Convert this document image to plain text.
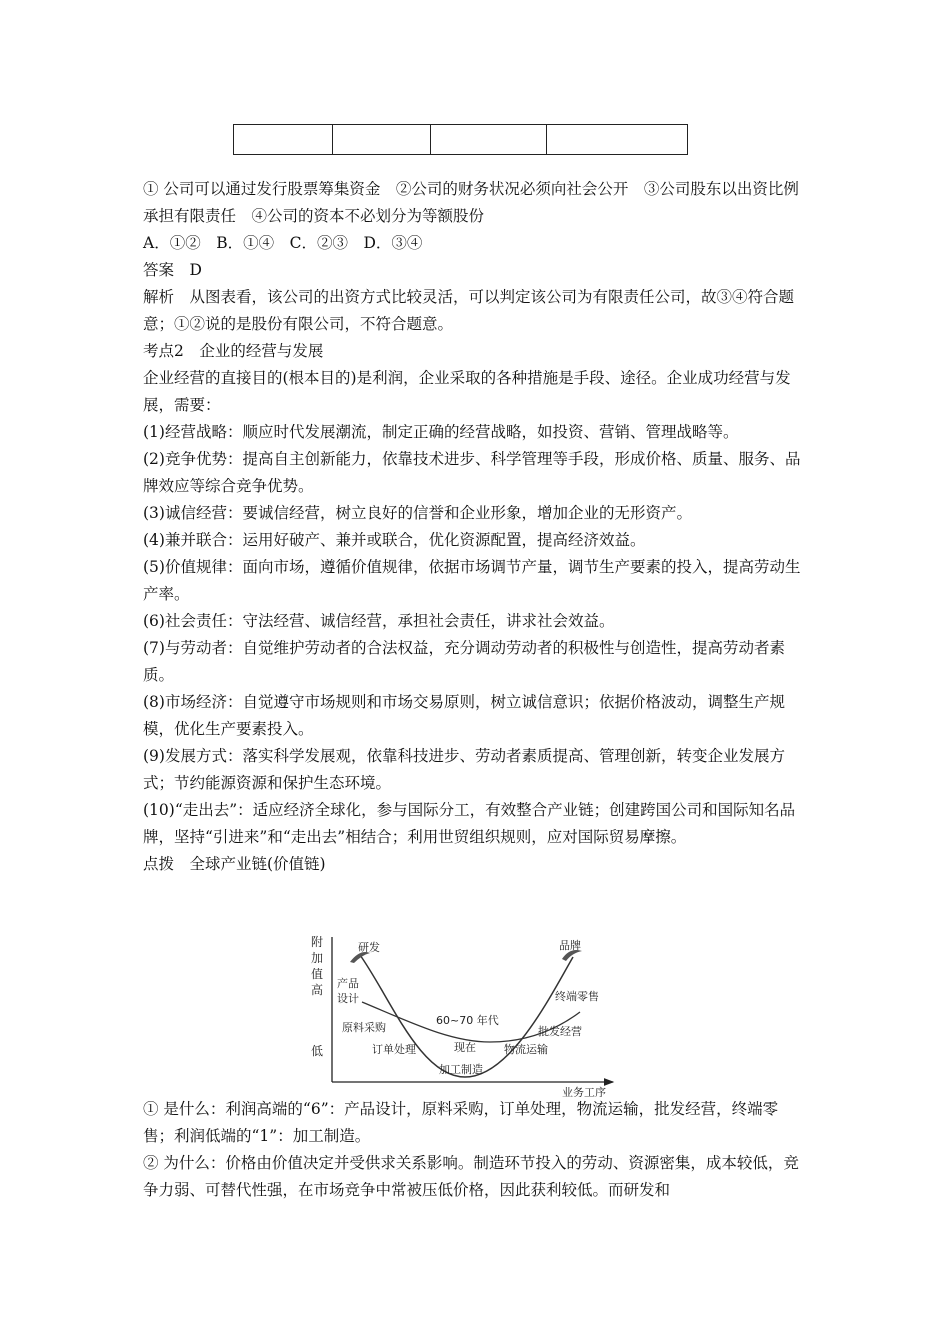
① 公司可以通过发行股票筹集资金　②公司的财务状况必须向社会公开　③公司股东以出资比例承担有限责任　④公司的资本不必划分为等额股份

A．①②　B．①④　C．②③　D．③④

答案　D

解析　从图表看，该公司的出资方式比较灵活，可以判定该公司为有限责任公司，故③④符合题意；①②说的是股份有限公司，不符合题意。

考点2　企业的经营与发展

企业经营的直接目的(根本目的)是利润，企业采取的各种措施是手段、途径。企业成功经营与发展，需要：

(1)经营战略：顺应时代发展潮流，制定正确的经营战略，如投资、营销、管理战略等。

(2)竞争优势：提高自主创新能力，依靠技术进步、科学管理等手段，形成价格、质量、服务、品牌效应等综合竞争优势。

(3)诚信经营：要诚信经营，树立良好的信誉和企业形象，增加企业的无形资产。

(4)兼并联合：运用好破产、兼并或联合，优化资源配置，提高经济效益。

(5)价值规律：面向市场，遵循价值规律，依据市场调节产量，调节生产要素的投入，提高劳动生产率。

(6)社会责任：守法经营、诚信经营，承担社会责任，讲求社会效益。

(7)与劳动者：自觉维护劳动者的合法权益，充分调动劳动者的积极性与创造性，提高劳动者素质。

(8)市场经济：自觉遵守市场规则和市场交易原则，树立诚信意识；依据价格波动，调整生产规模，优化生产要素投入。

(9)发展方式：落实科学发展观，依靠科技进步、劳动者素质提高、管理创新，转变企业发展方式；节约能源资源和保护生态环境。

(10)“走出去”：适应经济全球化，参与国际分工，有效整合产业链；创建跨国公司和国际知名品牌，坚持“引进来”和“走出去”相结合；利用世贸组织规则，应对国际贸易摩擦。

点拨　全球产业链(价值链)

附
加
值
高
低
业务工序
研发	品牌
产品
设计	终端零售
60~70 年代
原料采购	批发经营
现在
订单处理	物流运输
加工制造

① 是什么：利润高端的“6”：产品设计，原料采购，订单处理，物流运输，批发经营，终端零售；利润低端的“1”：加工制造。

② 为什么：价格由价值决定并受供求关系影响。制造环节投入的劳动、资源密集，成本较低，竞争力弱、可替代性强，在市场竞争中常被压低价格，因此获利较低。而研发和
